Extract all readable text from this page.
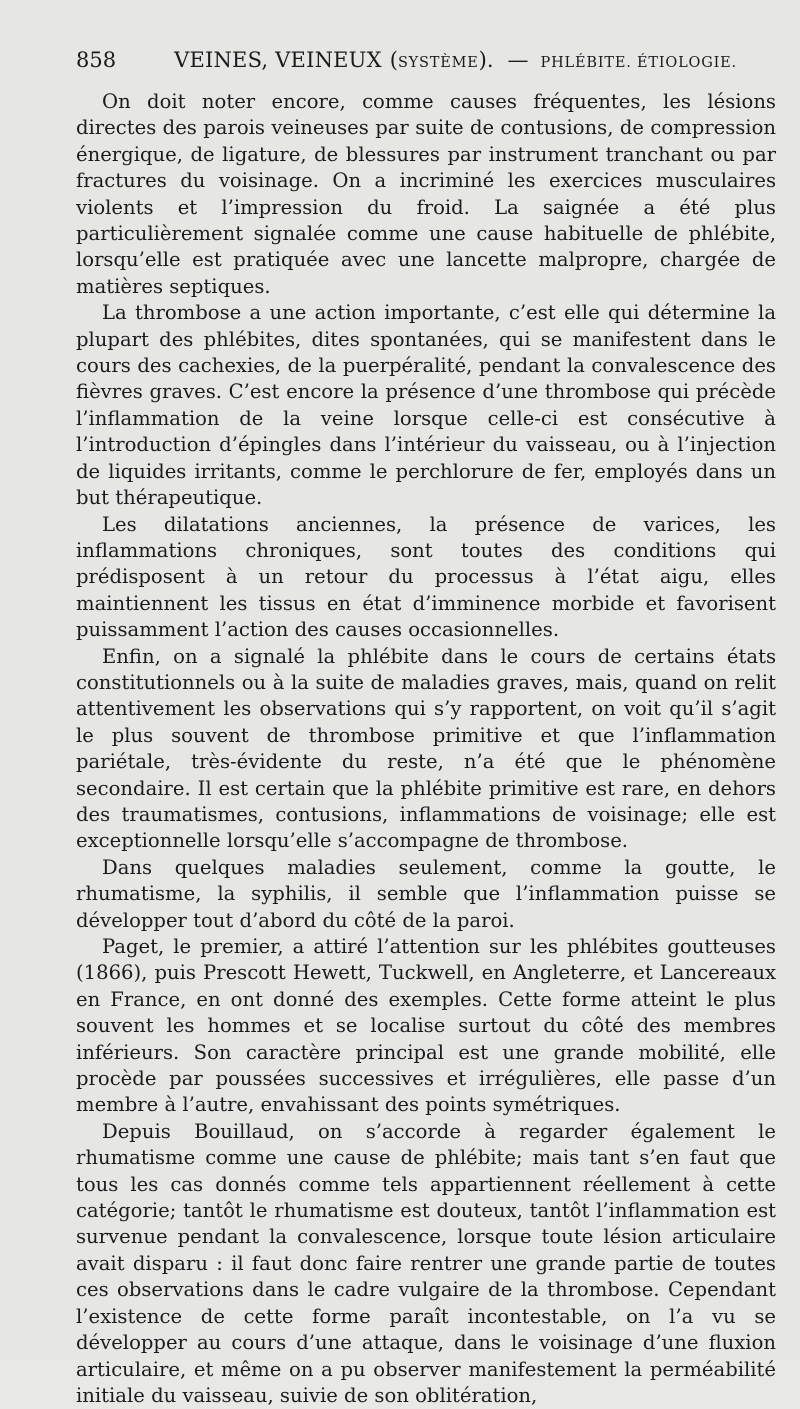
858	VEINES, VEINEUX ( SYSTÈME ). — PHLÉBITE. ÉTIOLOGIE.

On doit noter encore, comme causes fréquentes, les lésions directes des parois veineuses par suite de contusions, de compression énergique, de ligature, de blessures par instrument tranchant ou par fractures du voisinage. On a incriminé les exercices musculaires violents et l’impression du froid. La saignée a été plus particulièrement signalée comme une cause habituelle de phlébite, lorsqu’elle est pratiquée avec une lancette malpropre, chargée de matières septiques.

La thrombose a une action importante, c’est elle qui détermine la plupart des phlébites, dites spontanées, qui se manifestent dans le cours des cachexies, de la puerpéralité, pendant la convalescence des fièvres graves. C’est encore la présence d’une thrombose qui précède l’inflammation de la veine lorsque celle-ci est consécutive à l’introduction d’épingles dans l’intérieur du vaisseau, ou à l’injection de liquides irritants, comme le perchlorure de fer, employés dans un but thérapeutique.

Les dilatations anciennes, la présence de varices, les inflammations chroniques, sont toutes des conditions qui prédisposent à un retour du processus à l’état aigu, elles maintiennent les tissus en état d’imminence morbide et favorisent puissamment l’action des causes occasionnelles.

Enfin, on a signalé la phlébite dans le cours de certains états constitutionnels ou à la suite de maladies graves, mais, quand on relit attentivement les observations qui s’y rapportent, on voit qu’il s’agit le plus souvent de thrombose primitive et que l’inflammation pariétale, très-évidente du reste, n’a été que le phénomène secondaire. Il est certain que la phlébite primitive est rare, en dehors des traumatismes, contusions, inflammations de voisinage; elle est exceptionnelle lorsqu’elle s’accompagne de thrombose.

Dans quelques maladies seulement, comme la goutte, le rhumatisme, la syphilis, il semble que l’inflammation puisse se développer tout d’abord du côté de la paroi.

Paget, le premier, a attiré l’attention sur les phlébites goutteuses (1866), puis Prescott Hewett, Tuckwell, en Angleterre, et Lancereaux en France, en ont donné des exemples. Cette forme atteint le plus souvent les hommes et se localise surtout du côté des membres inférieurs. Son caractère principal est une grande mobilité, elle procède par poussées successives et irrégulières, elle passe d’un membre à l’autre, envahissant des points symétriques.

Depuis Bouillaud, on s’accorde à regarder également le rhumatisme comme une cause de phlébite; mais tant s’en faut que tous les cas donnés comme tels appartiennent réellement à cette catégorie; tantôt le rhumatisme est douteux, tantôt l’inflammation est survenue pendant la convalescence, lorsque toute lésion articulaire avait disparu : il faut donc faire rentrer une grande partie de toutes ces observations dans le cadre vulgaire de la thrombose. Cependant l’existence de cette forme paraît incontestable, on l’a vu se développer au cours d’une attaque, dans le voisinage d’une fluxion articulaire, et même on a pu observer manifestement la perméabilité initiale du vaisseau, suivie de son oblitération,
